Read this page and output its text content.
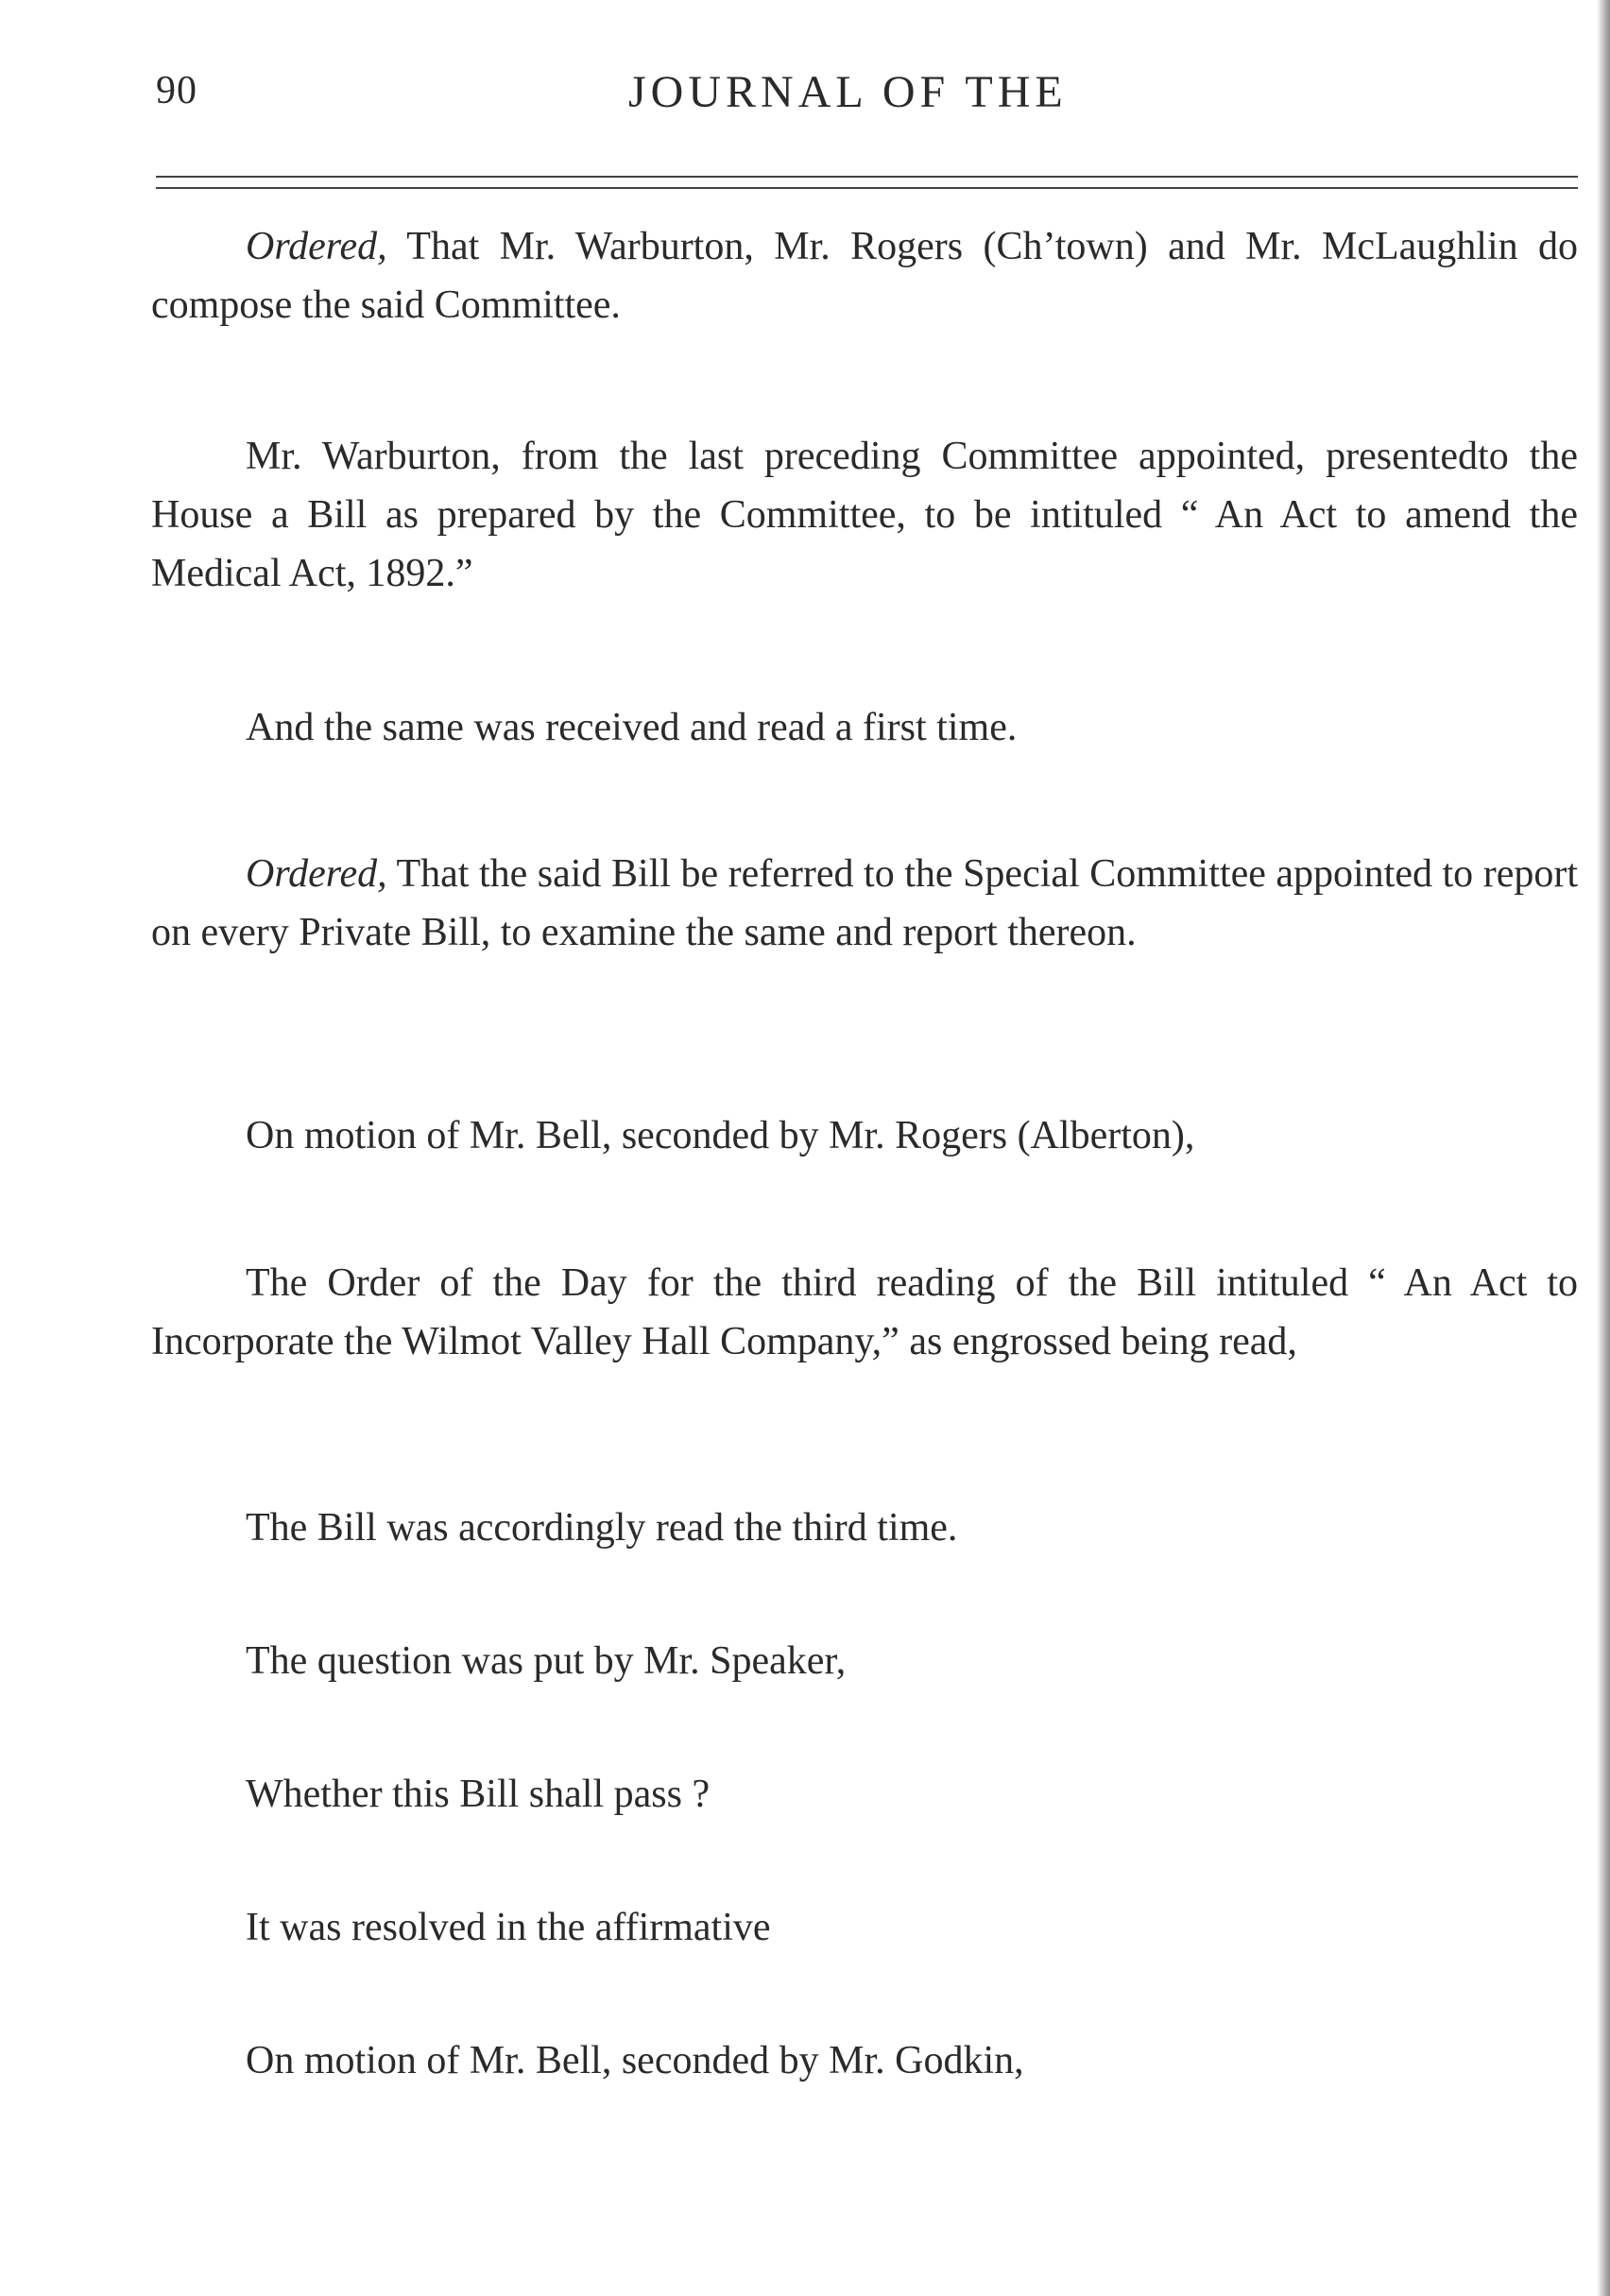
90	JOURNAL OF THE

Ordered, That Mr. Warburton, Mr. Rogers (Ch’town) and Mr. McLaughlin do compose the said Committee.

Mr. Warburton, from the last preceding Committee appointed, presentedto the House a Bill as prepared by the Committee, to be intituled “ An Act to amend the Medical Act, 1892.”

And the same was received and read a first time.

Ordered, That the said Bill be referred to the Special Committee appointed to report on every Private Bill, to examine the same and report thereon.

On motion of Mr. Bell, seconded by Mr. Rogers (Alberton),

The Order of the Day for the third reading of the Bill intituled “ An Act to Incorporate the Wilmot Valley Hall Company,” as engrossed being read,

The Bill was accordingly read the third time.

The question was put by Mr. Speaker,

Whether this Bill shall pass ?

It was resolved in the affirmative

On motion of Mr. Bell, seconded by Mr. Godkin,
